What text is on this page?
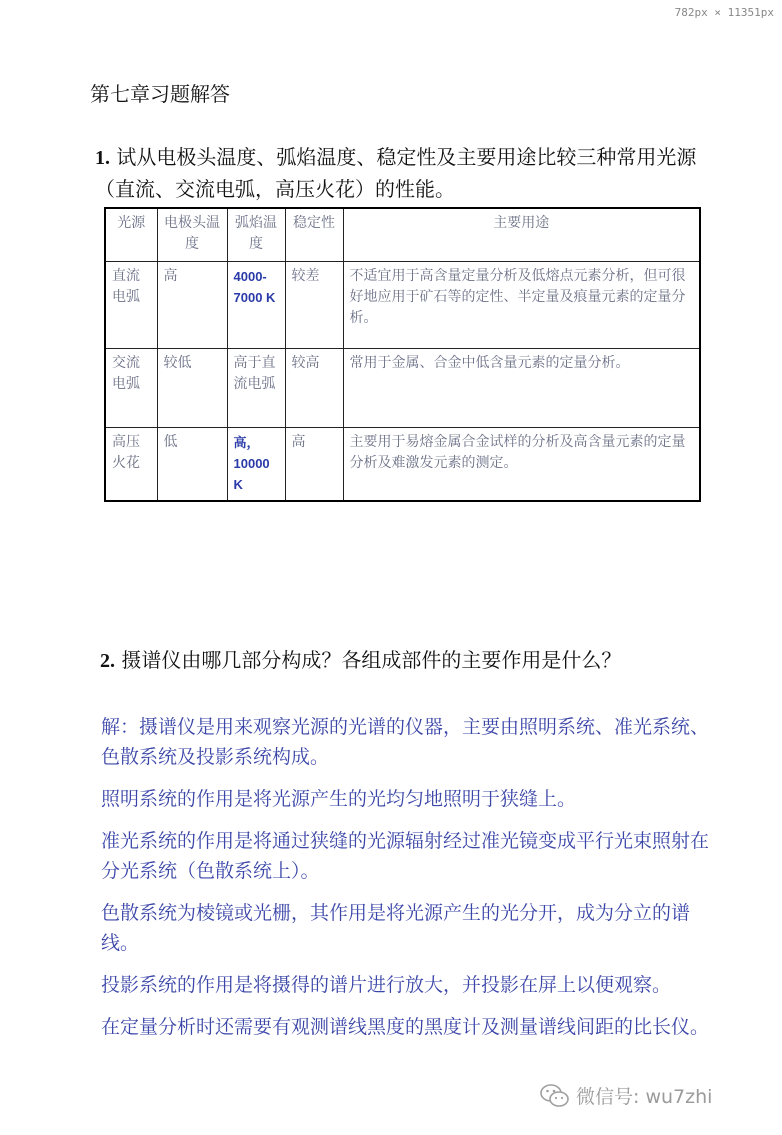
782px × 11351px
第七章习题解答
1. 试从电极头温度、弧焰温度、稳定性及主要用途比较三种常用光源（直流、交流电弧，高压火花）的性能。
光源	电极头温度	弧焰温度	稳定性	主要用途
直流电弧	高	4000-7000 K	较差	不适宜用于高含量定量分析及低熔点元素分析，但可很好地应用于矿石等的定性、半定量及痕量元素的定量分析。
交流电弧	较低	高于直流电弧	较高	常用于金属、合金中低含量元素的定量分析。
高压火花	低	高，10000 K	高	主要用于易熔金属合金试样的分析及高含量元素的定量分析及难激发元素的测定。
2. 摄谱仪由哪几部分构成？各组成部件的主要作用是什么？

解：摄谱仪是用来观察光源的光谱的仪器，主要由照明系统、准光系统、色散系统及投影系统构成。

照明系统的作用是将光源产生的光均匀地照明于狭缝上。

准光系统的作用是将通过狭缝的光源辐射经过准光镜变成平行光束照射在分光系统（色散系统上）。

色散系统为棱镜或光栅，其作用是将光源产生的光分开，成为分立的谱线。

投影系统的作用是将摄得的谱片进行放大，并投影在屏上以便观察。

在定量分析时还需要有观测谱线黑度的黑度计及测量谱线间距的比长仪。

微信号: wu7zhi
